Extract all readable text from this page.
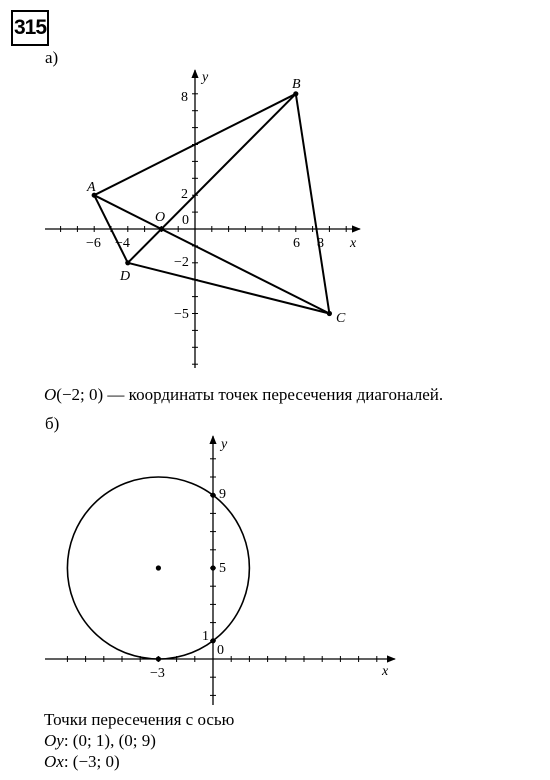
315
а)
x
y
0
−6 −4	6 8
8
2
−2
−5
A
B
C
D
O
O(−2; 0) — координаты точек пересечения диагоналей.
б)
x
y
0
−3
9
5
1
Точки пересечения с осью
Oy: (0; 1), (0; 9)
Ox: (−3; 0)
